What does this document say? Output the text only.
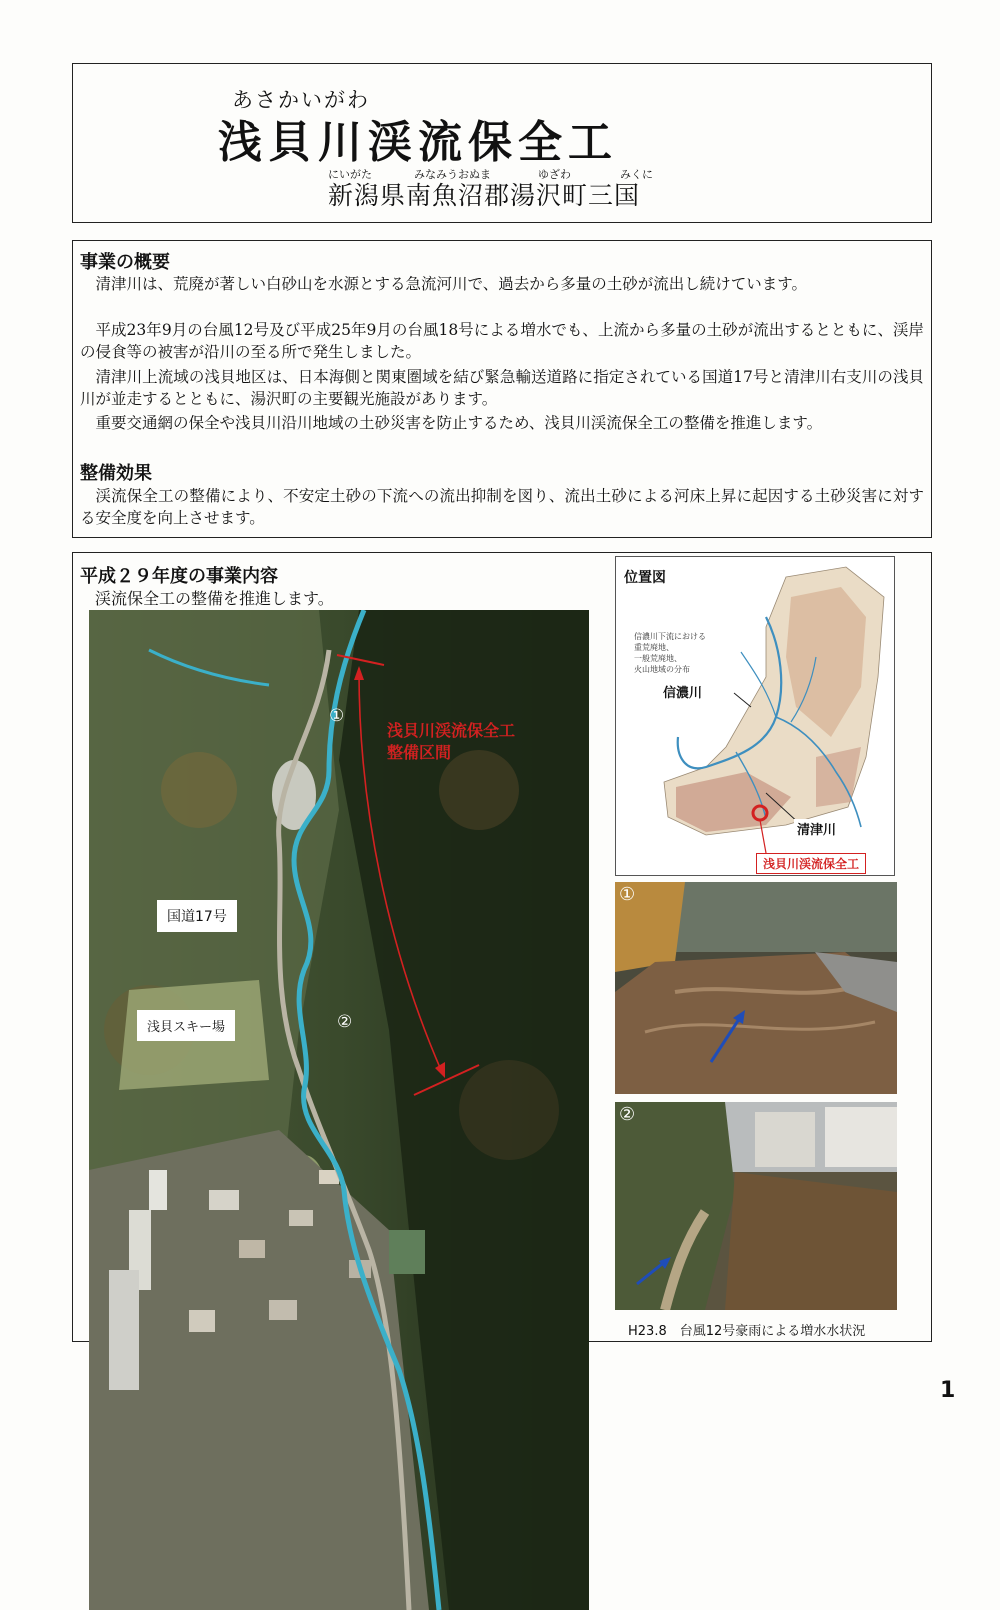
あさかいがわ
浅貝川渓流保全工
にいがた	みなみうおぬま	ゆざわ	みくに
新潟県南魚沼郡湯沢町三国
事業の概要
清津川は、荒廃が著しい白砂山を水源とする急流河川で、過去から多量の土砂が流出し続けています。
平成23年9月の台風12号及び平成25年9月の台風18号による増水でも、上流から多量の土砂が流出するとともに、渓岸の侵食等の被害が沿川の至る所で発生しました。
清津川上流域の浅貝地区は、日本海側と関東圏域を結び緊急輸送道路に指定されている国道17号と清津川右支川の浅貝川が並走するとともに、湯沢町の主要観光施設があります。
重要交通網の保全や浅貝川沿川地域の土砂災害を防止するため、浅貝川渓流保全工の整備を推進します。
整備効果
渓流保全工の整備により、不安定土砂の下流への流出抑制を図り、流出土砂による河床上昇に起因する土砂災害に対する安全度を向上させます。
平成２９年度の事業内容
渓流保全工の整備を推進します。
国道17号
浅貝スキー場
浅貝川渓流保全工
整備区間
①
②
位置図
信濃川下流における
重荒廃地、
一般荒廃地、
火山地域の分布
信濃川
清津川
浅貝川渓流保全工
①
②
H23.8　台風12号豪雨による増水水状況
1
